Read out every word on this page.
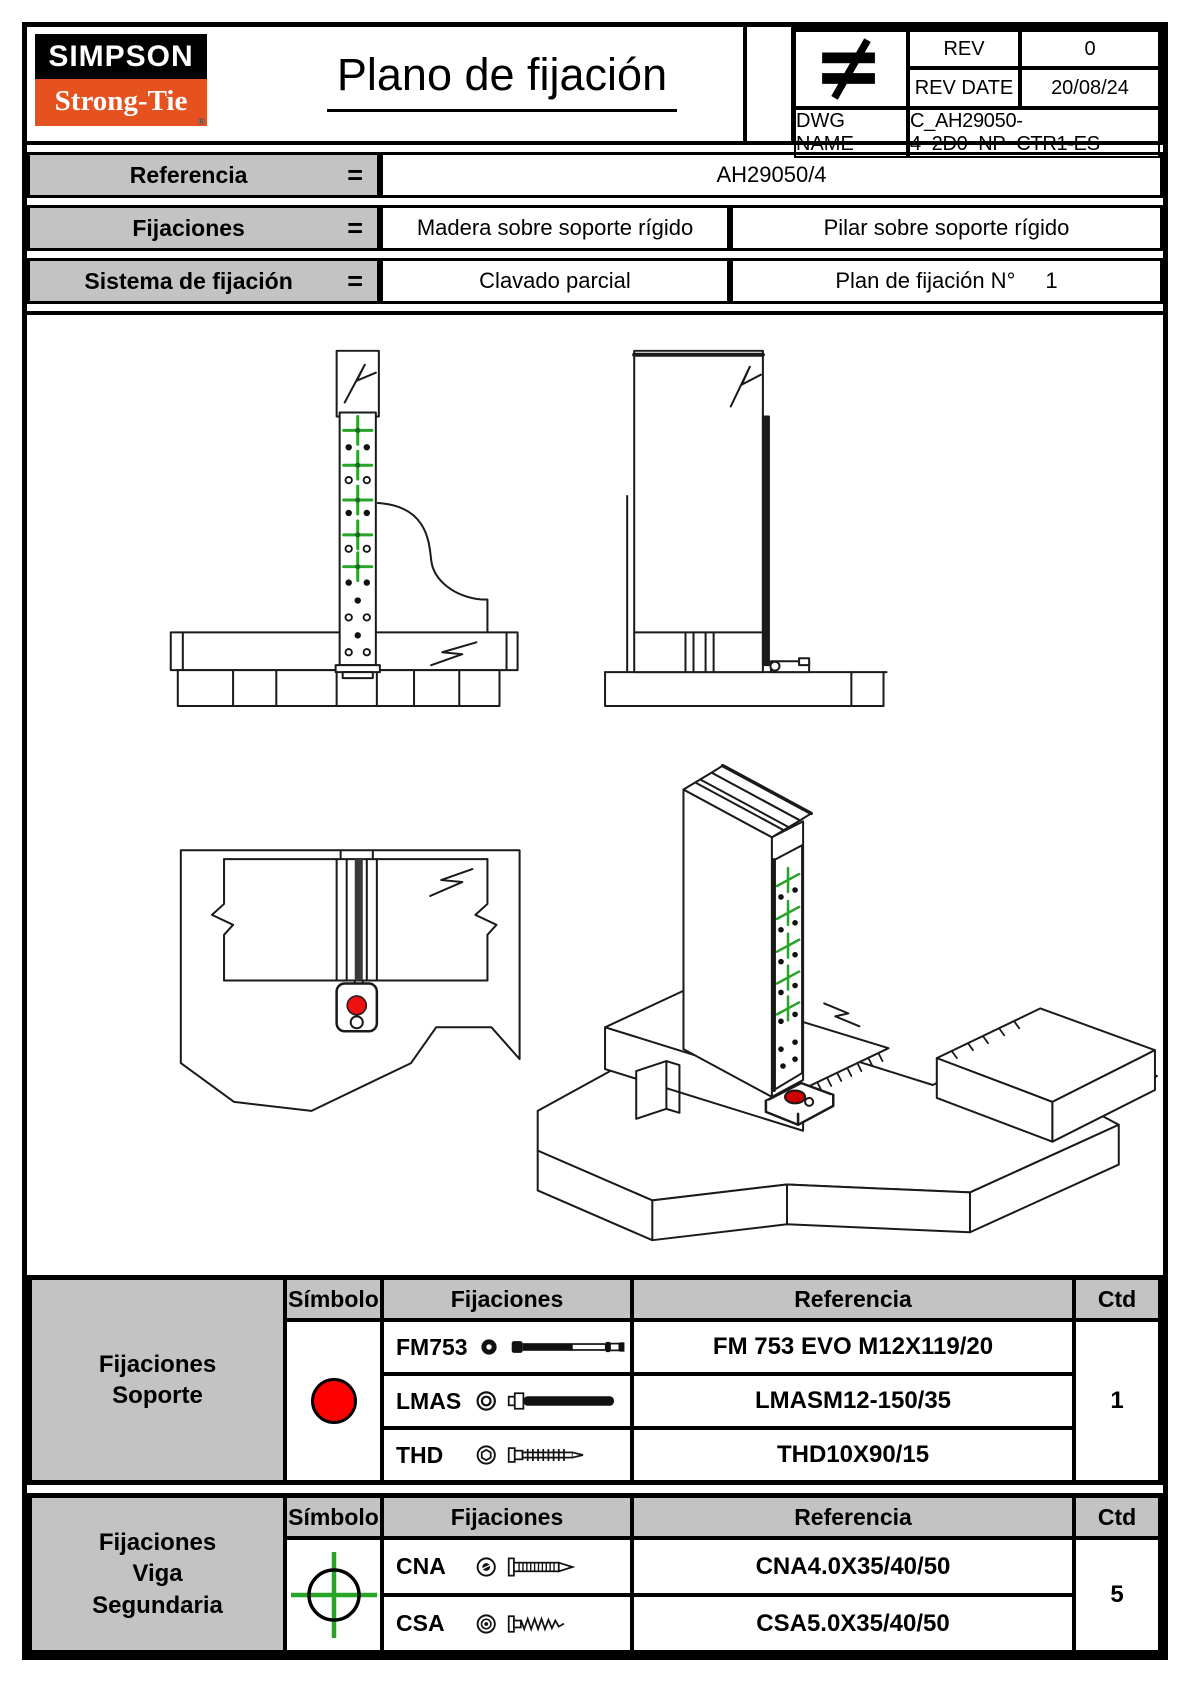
SIMPSON
Strong-Tie
®
Plano de fijación
REV	0
REV DATE	20/08/24
DWG NAME
C_AH29050-4_2D0_NP_CTR1-ES
Referencia	=	AH29050/4
Fijaciones	=	Madera sobre soporte rígido	Pilar sobre soporte rígido
Sistema de fijación	=	Clavado parcial	Plan de fijación N° 1
Fijaciones
Soporte
Símbolo	Fijaciones	Referencia	Ctd
FM753	FM 753 EVO M12X119/20
LMAS	LMASM12-150/35
THD	THD10X90/15
1
Fijaciones
Viga
Segundaria
Símbolo	Fijaciones	Referencia	Ctd
CNA	CNA4.0X35/40/50
CSA	CSA5.0X35/40/50
5
